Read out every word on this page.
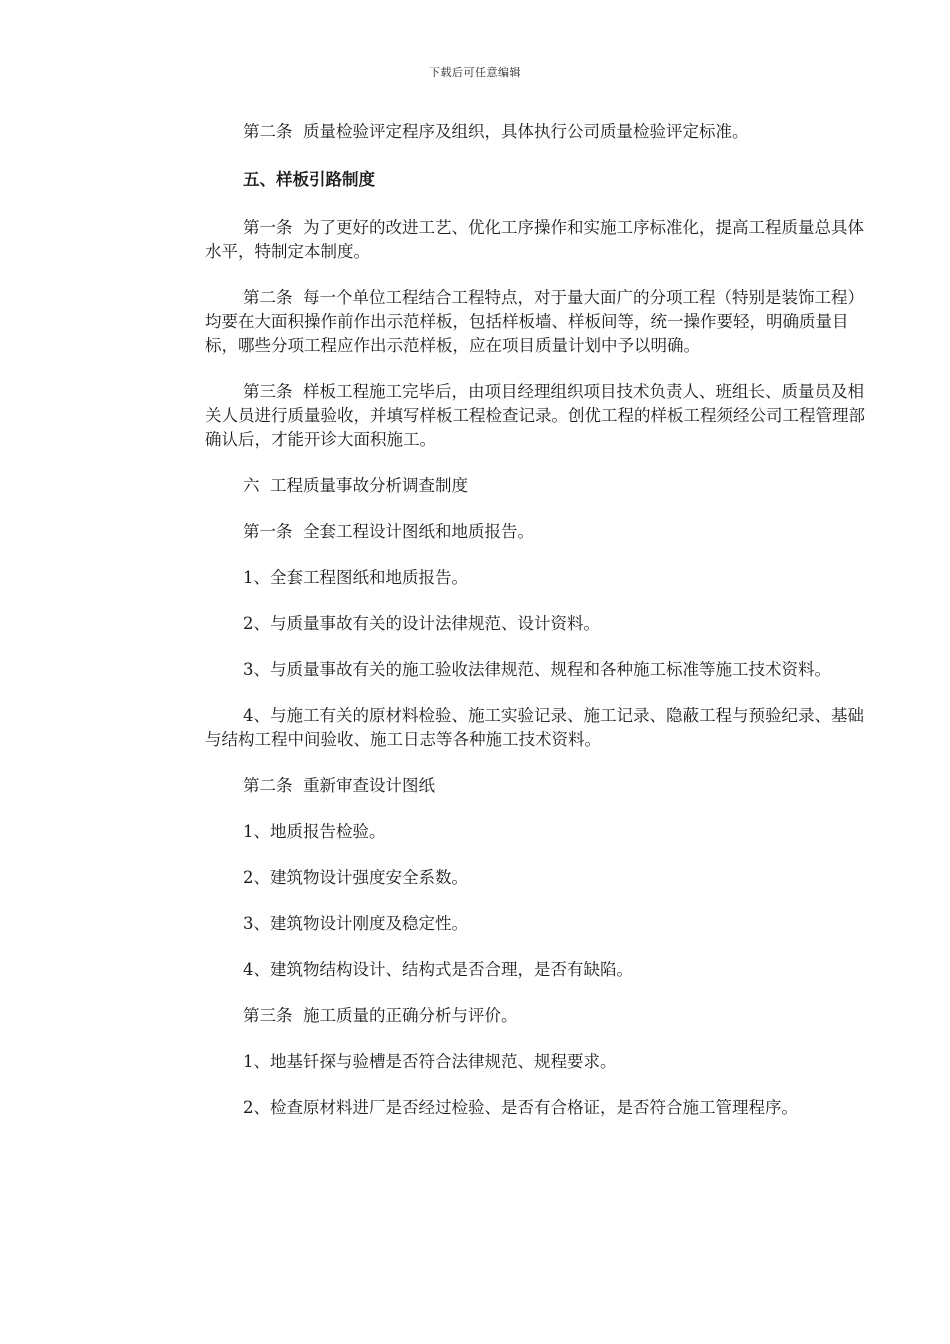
下载后可任意编辑

第二条  质量检验评定程序及组织，具体执行公司质量检验评定标准。

五、样板引路制度

第一条  为了更好的改进工艺、优化工序操作和实施工序标准化，提高工程质量总具体水平，特制定本制度。

第二条  每一个单位工程结合工程特点，对于量大面广的分项工程（特别是装饰工程）均要在大面积操作前作出示范样板，包括样板墙、样板间等，统一操作要轻，明确质量目标，哪些分项工程应作出示范样板，应在项目质量计划中予以明确。

第三条  样板工程施工完毕后，由项目经理组织项目技术负责人、班组长、质量员及相关人员进行质量验收，并填写样板工程检查记录。创优工程的样板工程须经公司工程管理部确认后，才能开诊大面积施工。

六  工程质量事故分析调查制度

第一条  全套工程设计图纸和地质报告。

1、全套工程图纸和地质报告。

2、与质量事故有关的设计法律规范、设计资料。

3、与质量事故有关的施工验收法律规范、规程和各种施工标准等施工技术资料。

4、与施工有关的原材料检验、施工实验记录、施工记录、隐蔽工程与预验纪录、基础与结构工程中间验收、施工日志等各种施工技术资料。

第二条  重新审查设计图纸

1、地质报告检验。

2、建筑物设计强度安全系数。

3、建筑物设计刚度及稳定性。

4、建筑物结构设计、结构式是否合理，是否有缺陷。

第三条  施工质量的正确分析与评价。

1、地基钎探与验槽是否符合法律规范、规程要求。

2、检查原材料进厂是否经过检验、是否有合格证，是否符合施工管理程序。
